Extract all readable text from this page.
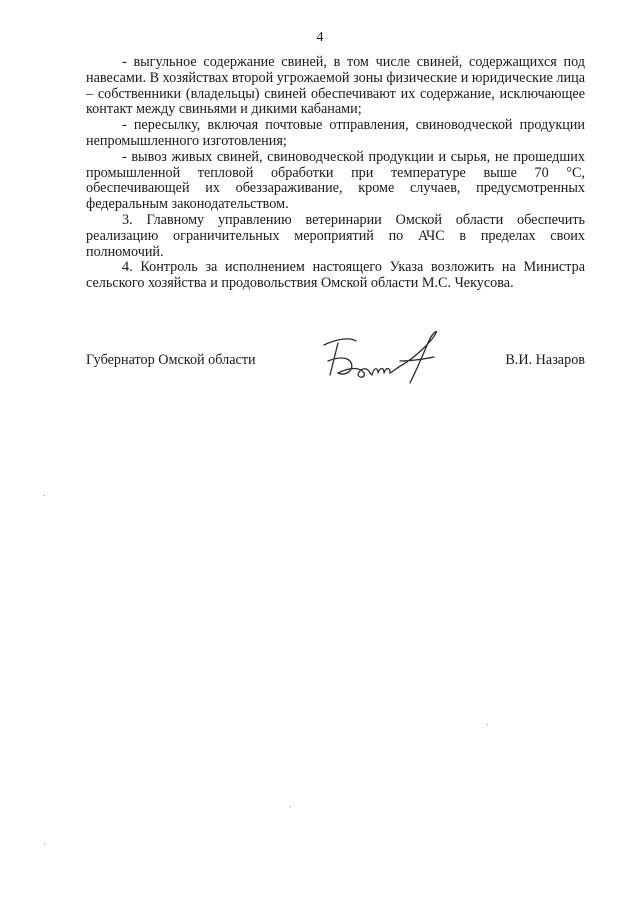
4

- выгульное содержание свиней, в том числе свиней, содержащихся под навесами. В хозяйствах второй угрожаемой зоны физические и юридические лица – собственники (владельцы) свиней обеспечивают их содержание, исключающее контакт между свиньями и дикими кабанами;

- пересылку, включая почтовые отправления, свиноводческой продукции непромышленного изготовления;

- вывоз живых свиней, свиноводческой продукции и сырья, не прошедших промышленной тепловой обработки при температуре выше 70 °С, обеспечивающей их обеззараживание, кроме случаев, предусмотренных федеральным законодательством.

3. Главному управлению ветеринарии Омской области обеспечить реализацию ограничительных мероприятий по АЧС в пределах своих полномочий.

4. Контроль за исполнением настоящего Указа возложить на Министра сельского хозяйства и продовольствия Омской области М.С. Чекусова.

Губернатор Омской области	В.И. Назаров
